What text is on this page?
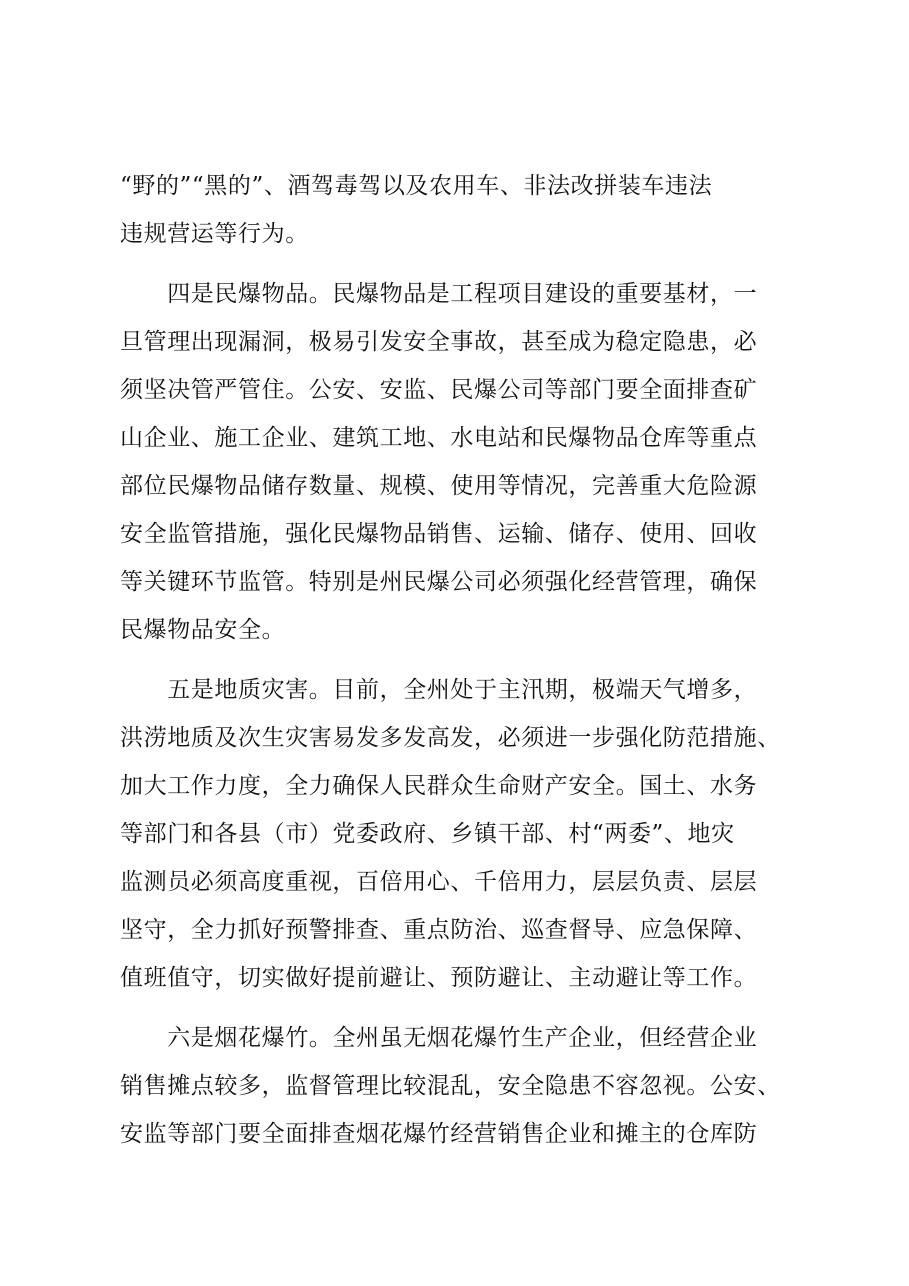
“野的”“黑的”、酒驾毒驾以及农用车、非法改拼装车违法
违规营运等行为。
　　四是民爆物品。民爆物品是工程项目建设的重要基材，一
旦管理出现漏洞，极易引发安全事故，甚至成为稳定隐患，必
须坚决管严管住。公安、安监、民爆公司等部门要全面排查矿
山企业、施工企业、建筑工地、水电站和民爆物品仓库等重点
部位民爆物品储存数量、规模、使用等情况，完善重大危险源
安全监管措施，强化民爆物品销售、运输、储存、使用、回收
等关键环节监管。特别是州民爆公司必须强化经营管理，确保
民爆物品安全。
　　五是地质灾害。目前，全州处于主汛期，极端天气增多，
洪涝地质及次生灾害易发多发高发，必须进一步强化防范措施、
加大工作力度，全力确保人民群众生命财产安全。国土、水务
等部门和各县（市）党委政府、乡镇干部、村“两委”、地灾
监测员必须高度重视，百倍用心、千倍用力，层层负责、层层
坚守，全力抓好预警排查、重点防治、巡查督导、应急保障、
值班值守，切实做好提前避让、预防避让、主动避让等工作。
　　六是烟花爆竹。全州虽无烟花爆竹生产企业，但经营企业
销售摊点较多，监督管理比较混乱，安全隐患不容忽视。公安、
安监等部门要全面排查烟花爆竹经营销售企业和摊主的仓库防
